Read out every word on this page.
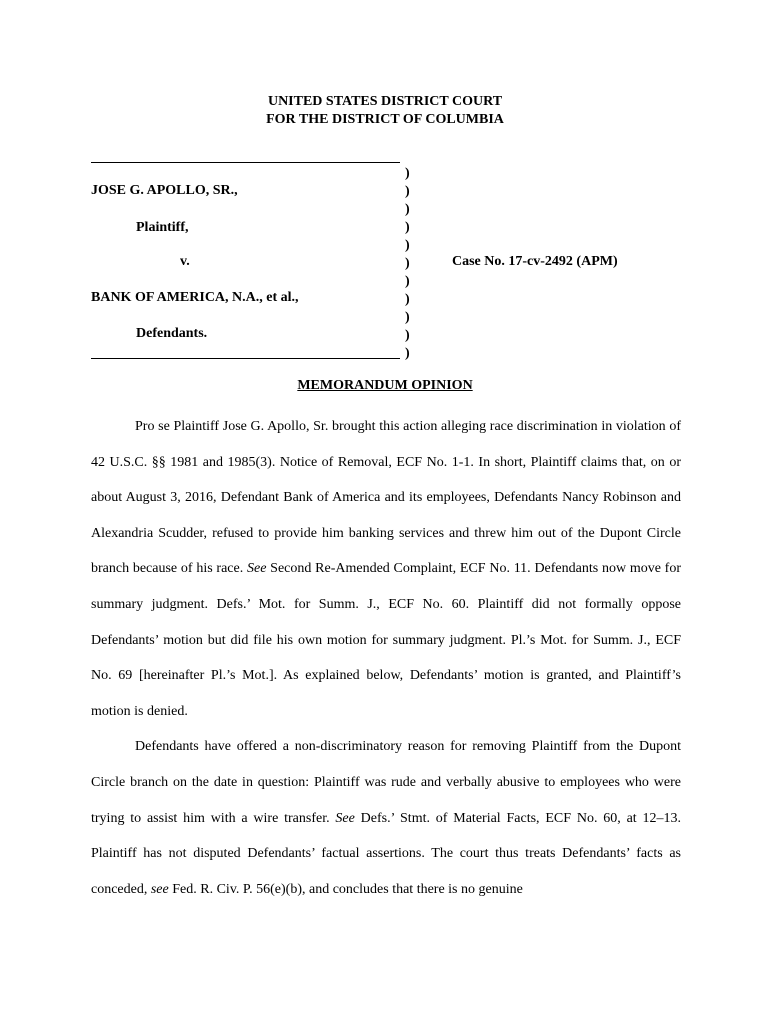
UNITED STATES DISTRICT COURT
FOR THE DISTRICT OF COLUMBIA
JOSE G. APOLLO, SR.,
Plaintiff,
v.
BANK OF AMERICA, N.A., et al.,
Defendants.
)
)
)
)
)
)
)
)
)
)
)
Case No. 17-cv-2492 (APM)
MEMORANDUM OPINION

Pro se Plaintiff Jose G. Apollo, Sr. brought this action alleging race discrimination in violation of 42 U.S.C. §§ 1981 and 1985(3). Notice of Removal, ECF No. 1-1. In short, Plaintiff claims that, on or about August 3, 2016, Defendant Bank of America and its employees, Defendants Nancy Robinson and Alexandria Scudder, refused to provide him banking services and threw him out of the Dupont Circle branch because of his race. See Second Re-Amended Complaint, ECF No. 11. Defendants now move for summary judgment. Defs.’ Mot. for Summ. J., ECF No. 60. Plaintiff did not formally oppose Defendants’ motion but did file his own motion for summary judgment. Pl.’s Mot. for Summ. J., ECF No. 69 [hereinafter Pl.’s Mot.]. As explained below, Defendants’ motion is granted, and Plaintiff’s motion is denied.

Defendants have offered a non-discriminatory reason for removing Plaintiff from the Dupont Circle branch on the date in question: Plaintiff was rude and verbally abusive to employees who were trying to assist him with a wire transfer. See Defs.’ Stmt. of Material Facts, ECF No. 60, at 12–13. Plaintiff has not disputed Defendants’ factual assertions. The court thus treats Defendants’ facts as conceded, see Fed. R. Civ. P. 56(e)(b), and concludes that there is no genuine
